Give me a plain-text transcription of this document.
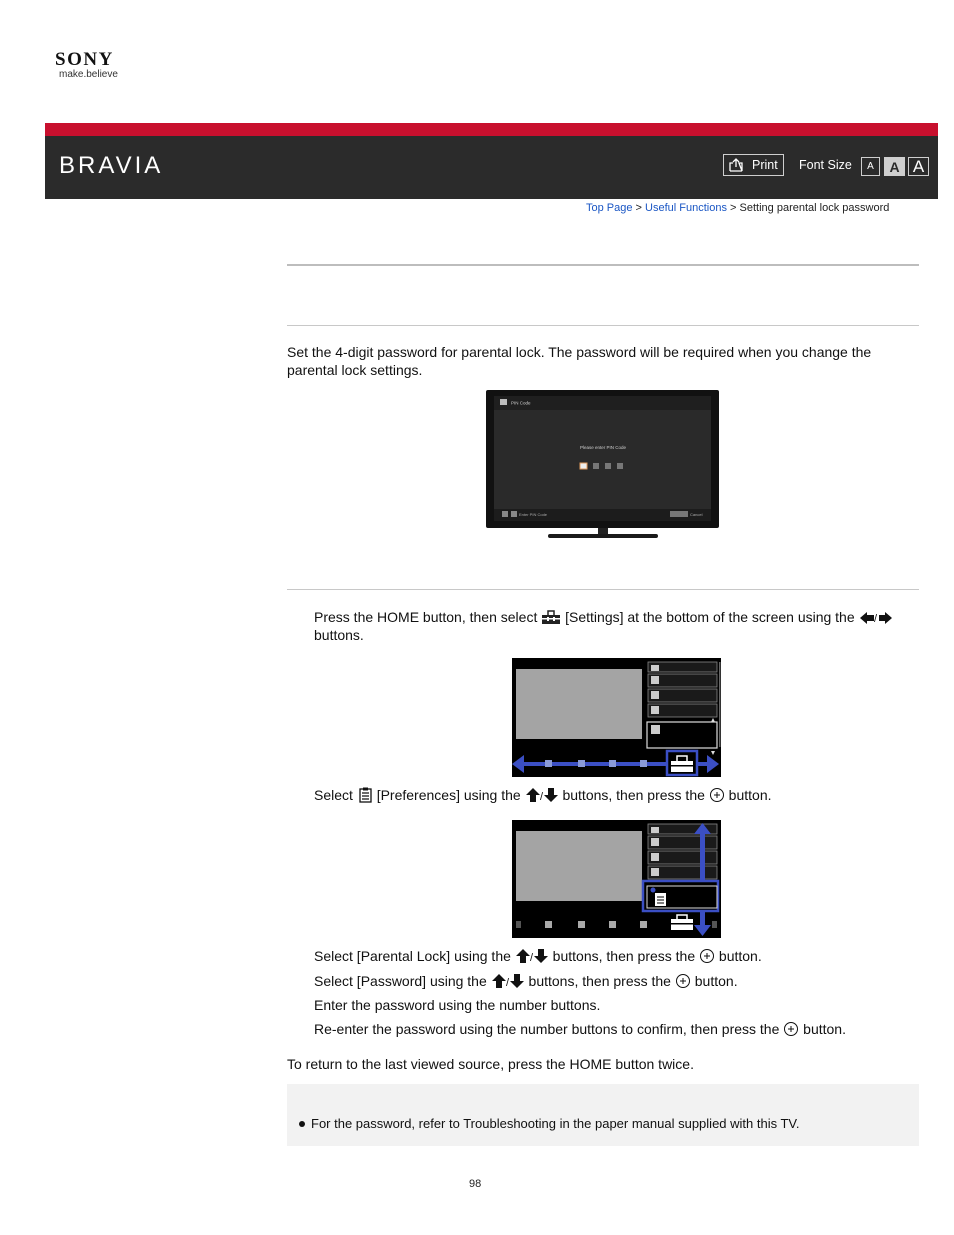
SONY
make.believe
BRAVIA	Print Font Size	A	A A
Top Page > Useful Functions > Setting parental lock password
Set the 4-digit password for parental lock. The password will be required when you change the parental lock settings.
PIN Code
Please enter PIN Code
Enter PIN Code	Cancel
Press the HOME button, then select  [Settings] at the bottom of the screen using the /
buttons.
Select  [Preferences] using the / buttons, then press the  button.
Select [Parental Lock] using the / buttons, then press the  button.
Select [Password] using the / buttons, then press the  button.
Enter the password using the number buttons.
Re-enter the password using the number buttons to confirm, then press the  button.
To return to the last viewed source, press the HOME button twice.
For the password, refer to Troubleshooting in the paper manual supplied with this TV.
98
